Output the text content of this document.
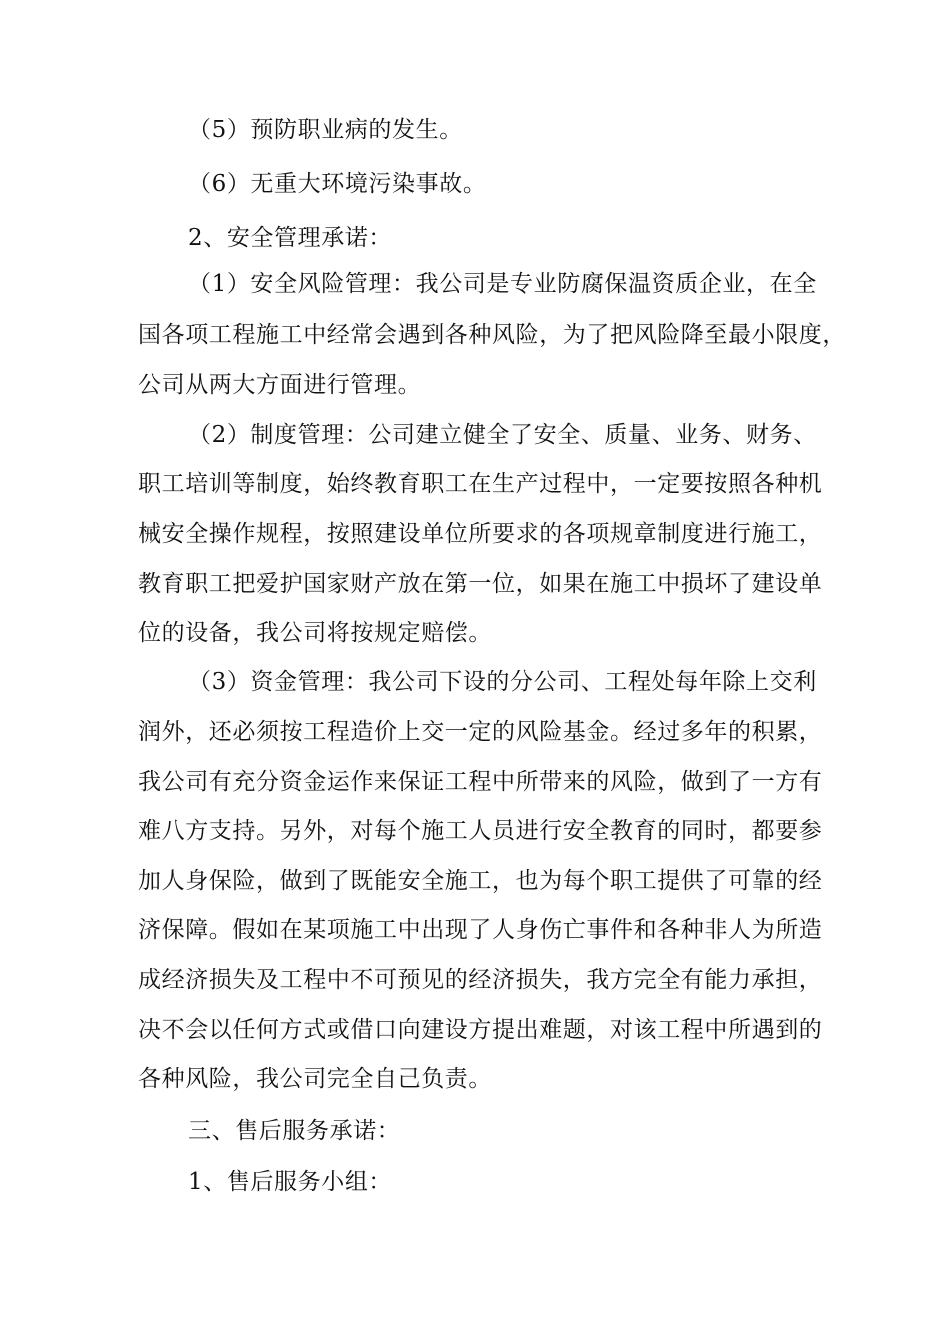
（5）预防职业病的发生。
（6）无重大环境污染事故。
2、安全管理承诺：
（1）安全风险管理：我公司是专业防腐保温资质企业，在全
国各项工程施工中经常会遇到各种风险，为了把风险降至最小限度，
公司从两大方面进行管理。
（2）制度管理：公司建立健全了安全、质量、业务、财务、
职工培训等制度，始终教育职工在生产过程中，一定要按照各种机
械安全操作规程，按照建设单位所要求的各项规章制度进行施工，
教育职工把爱护国家财产放在第一位，如果在施工中损坏了建设单
位的设备，我公司将按规定赔偿。
（3）资金管理：我公司下设的分公司、工程处每年除上交利
润外，还必须按工程造价上交一定的风险基金。经过多年的积累，
我公司有充分资金运作来保证工程中所带来的风险，做到了一方有
难八方支持。另外，对每个施工人员进行安全教育的同时，都要参
加人身保险，做到了既能安全施工，也为每个职工提供了可靠的经
济保障。假如在某项施工中出现了人身伤亡事件和各种非人为所造
成经济损失及工程中不可预见的经济损失，我方完全有能力承担，
决不会以任何方式或借口向建设方提出难题，对该工程中所遇到的
各种风险，我公司完全自己负责。
三、售后服务承诺：
1、售后服务小组：
